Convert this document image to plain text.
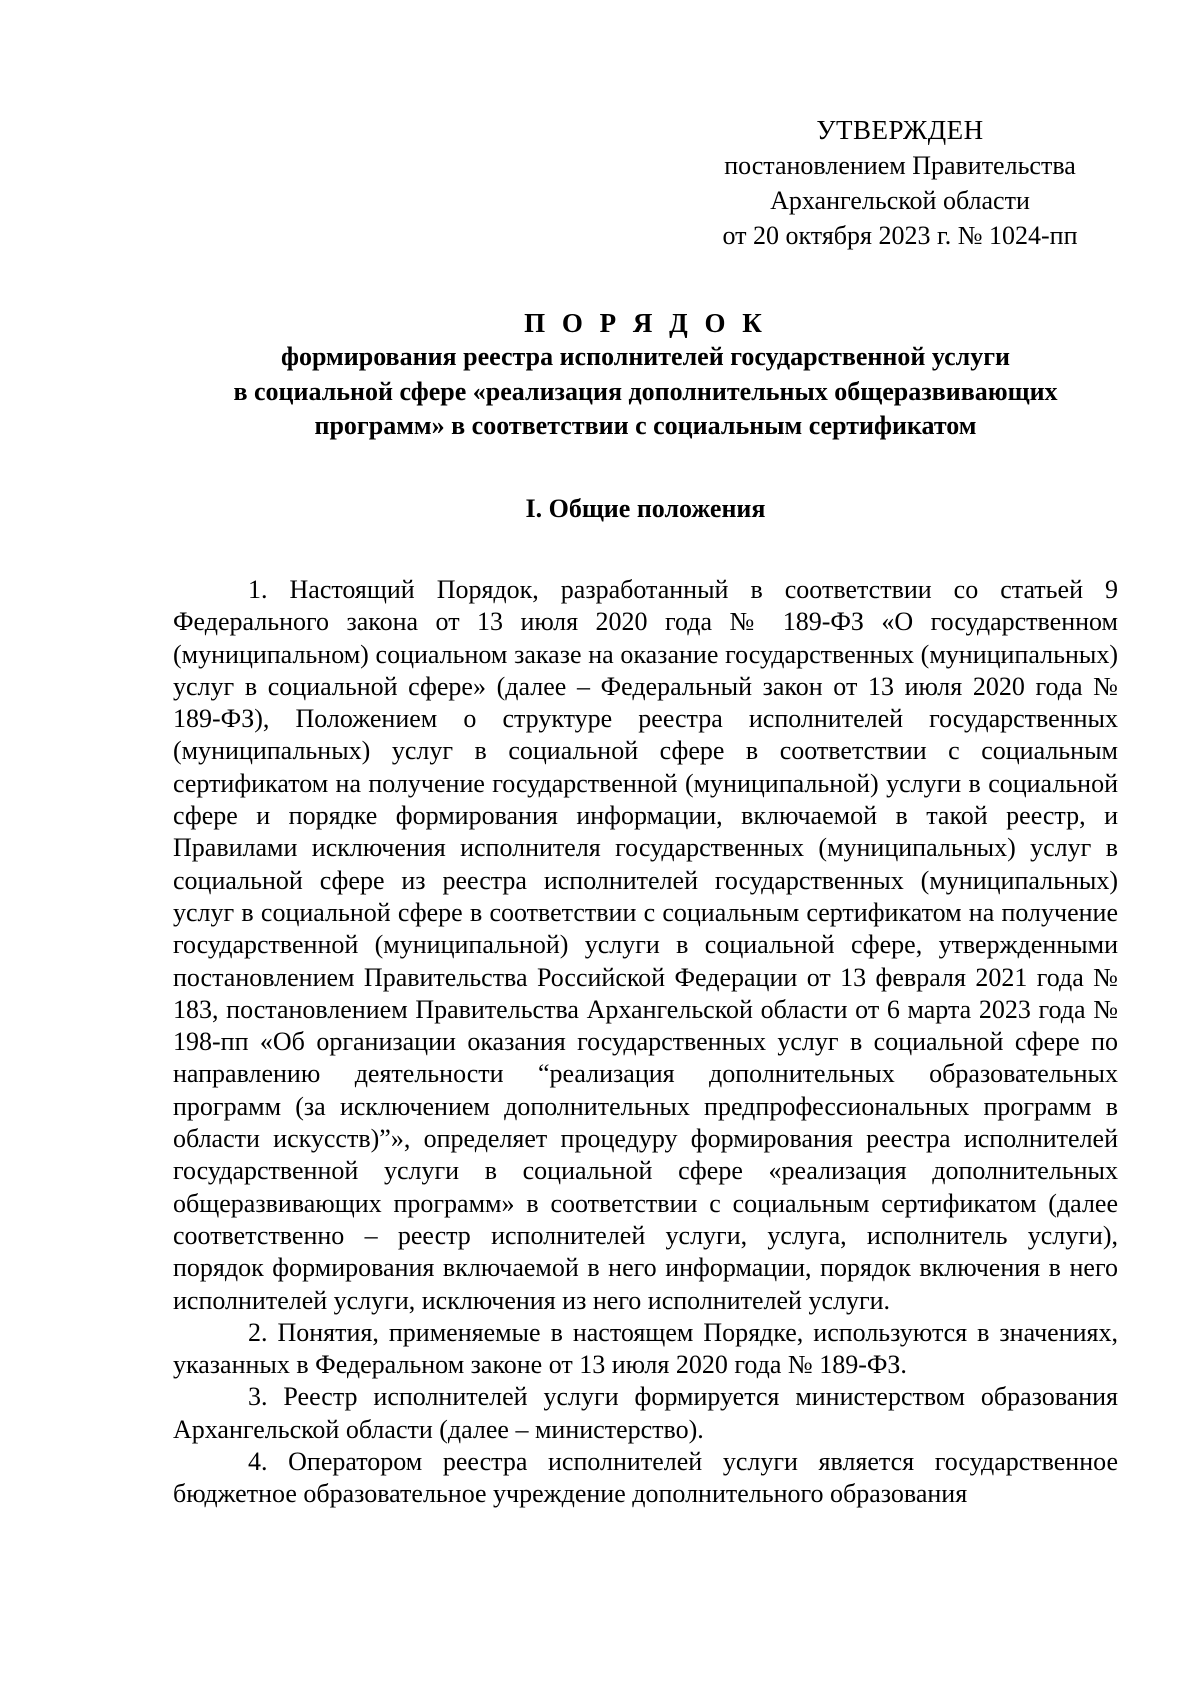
УТВЕРЖДЕН
постановлением Правительства
Архангельской области
от 20 октября 2023 г. № 1024-пп
П О Р Я Д О К
формирования реестра исполнителей государственной услуги
в социальной сфере «реализация дополнительных общеразвивающих
программ» в соответствии с социальным сертификатом
I. Общие положения

1. Настоящий Порядок, разработанный в соответствии со статьей 9 Федерального закона от 13 июля 2020 года № 189-ФЗ «О государственном (муниципальном) социальном заказе на оказание государственных (муниципальных) услуг в социальной сфере» (далее – Федеральный закон от 13 июля 2020 года № 189-ФЗ), Положением о структуре реестра исполнителей государственных (муниципальных) услуг в социальной сфере в соответствии с социальным сертификатом на получение государственной (муниципальной) услуги в социальной сфере и порядке формирования информации, включаемой в такой реестр, и Правилами исключения исполнителя государственных (муниципальных) услуг в социальной сфере из реестра исполнителей государственных (муниципальных) услуг в социальной сфере в соответствии с социальным сертификатом на получение государственной (муниципальной) услуги в социальной сфере, утвержденными постановлением Правительства Российской Федерации от 13 февраля 2021 года № 183, постановлением Правительства Архангельской области от 6 марта 2023 года № 198-пп «Об организации оказания государственных услуг в социальной сфере по направлению деятельности “реализация дополнительных образовательных программ (за исключением дополнительных предпрофессиональных программ в области искусств)”», определяет процедуру формирования реестра исполнителей государственной услуги в социальной сфере «реализация дополнительных общеразвивающих программ» в соответствии с социальным сертификатом (далее соответственно – реестр исполнителей услуги, услуга, исполнитель услуги), порядок формирования включаемой в него информации, порядок включения в него исполнителей услуги, исключения из него исполнителей услуги.

2. Понятия, применяемые в настоящем Порядке, используются в значениях, указанных в Федеральном законе от 13 июля 2020 года № 189-ФЗ.

3. Реестр исполнителей услуги формируется министерством образования Архангельской области (далее – министерство).

4. Оператором реестра исполнителей услуги является государственное бюджетное образовательное учреждение дополнительного образования
